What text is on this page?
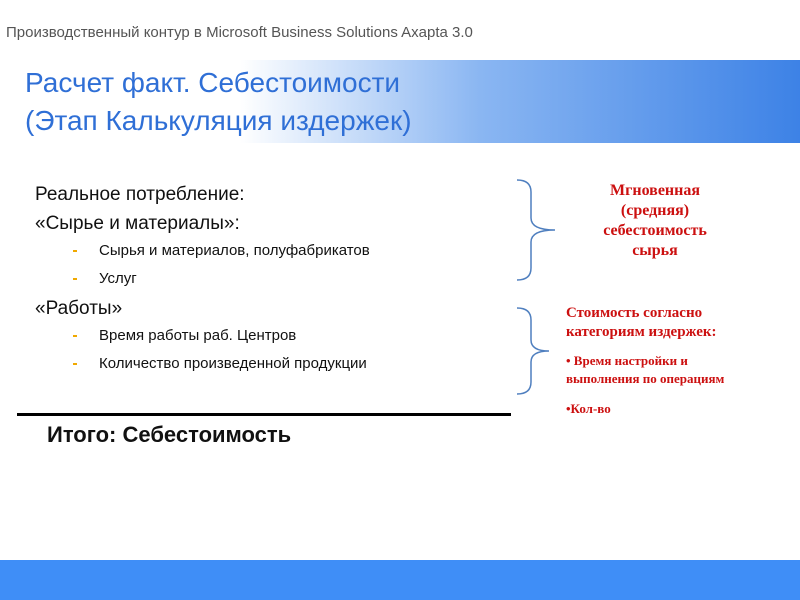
Производственный контур в Microsoft Business Solutions Axapta 3.0
Расчет факт. Себестоимости
(Этап Калькуляция издержек)
Реальное потребление:
«Сырье и материалы»:
Сырья и материалов, полуфабрикатов
Услуг
«Работы»
Время работы раб. Центров
Количество произведенной продукции
Итого: Себестоимость
Мгновенная
(средняя)
себестоимость
сырья
Стоимость согласно
категориям издержек:
• Время настройки и
выполнения по операциям
•Кол-во
